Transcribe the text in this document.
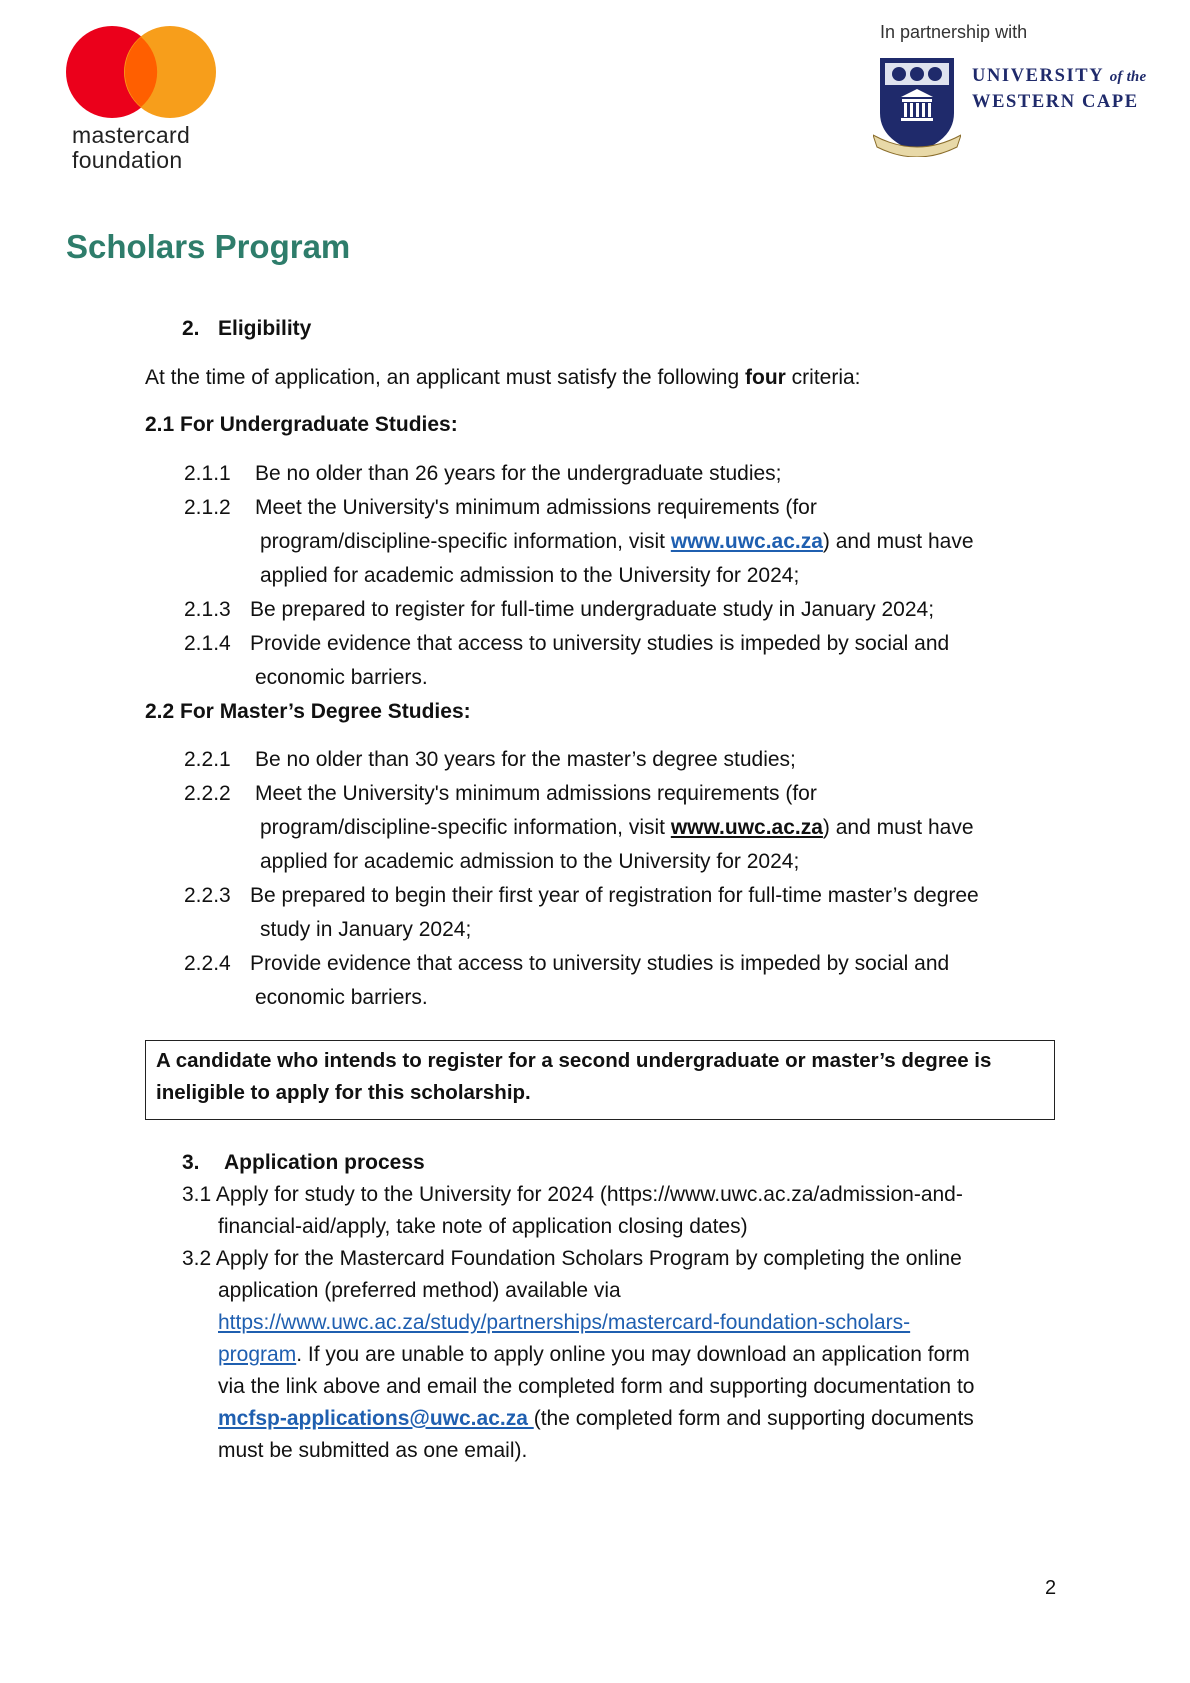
mastercard
foundation
In partnership with
UNIVERSITY of the
WESTERN CAPE
Scholars Program
2. Eligibility
At the time of application, an applicant must satisfy the following four criteria:
2.1 For Undergraduate Studies:
2.1.1 Be no older than 26 years for the undergraduate studies;
2.1.2 Meet the University's minimum admissions requirements (for
program/discipline-specific information, visit www.uwc.ac.za) and must have
applied for academic admission to the University for 2024;
2.1.3 Be prepared to register for full-time undergraduate study in January 2024;
2.1.4 Provide evidence that access to university studies is impeded by social and
economic barriers.
2.2 For Master’s Degree Studies:
2.2.1 Be no older than 30 years for the master’s degree studies;
2.2.2 Meet the University's minimum admissions requirements (for
program/discipline-specific information, visit www.uwc.ac.za) and must have
applied for academic admission to the University for 2024;
2.2.3 Be prepared to begin their first year of registration for full-time master’s degree
study in January 2024;
2.2.4 Provide evidence that access to university studies is impeded by social and
economic barriers.
A candidate who intends to register for a second undergraduate or master’s degree is
ineligible to apply for this scholarship.
3. Application process
3.1 Apply for study to the University for 2024 (https://www.uwc.ac.za/admission-and-
financial-aid/apply, take note of application closing dates)
3.2 Apply for the Mastercard Foundation Scholars Program by completing the online
application (preferred method) available via
https://www.uwc.ac.za/study/partnerships/mastercard-foundation-scholars-
program. If you are unable to apply online you may download an application form
via the link above and email the completed form and supporting documentation to
mcfsp-applications@uwc.ac.za (the completed form and supporting documents
must be submitted as one email).
2
